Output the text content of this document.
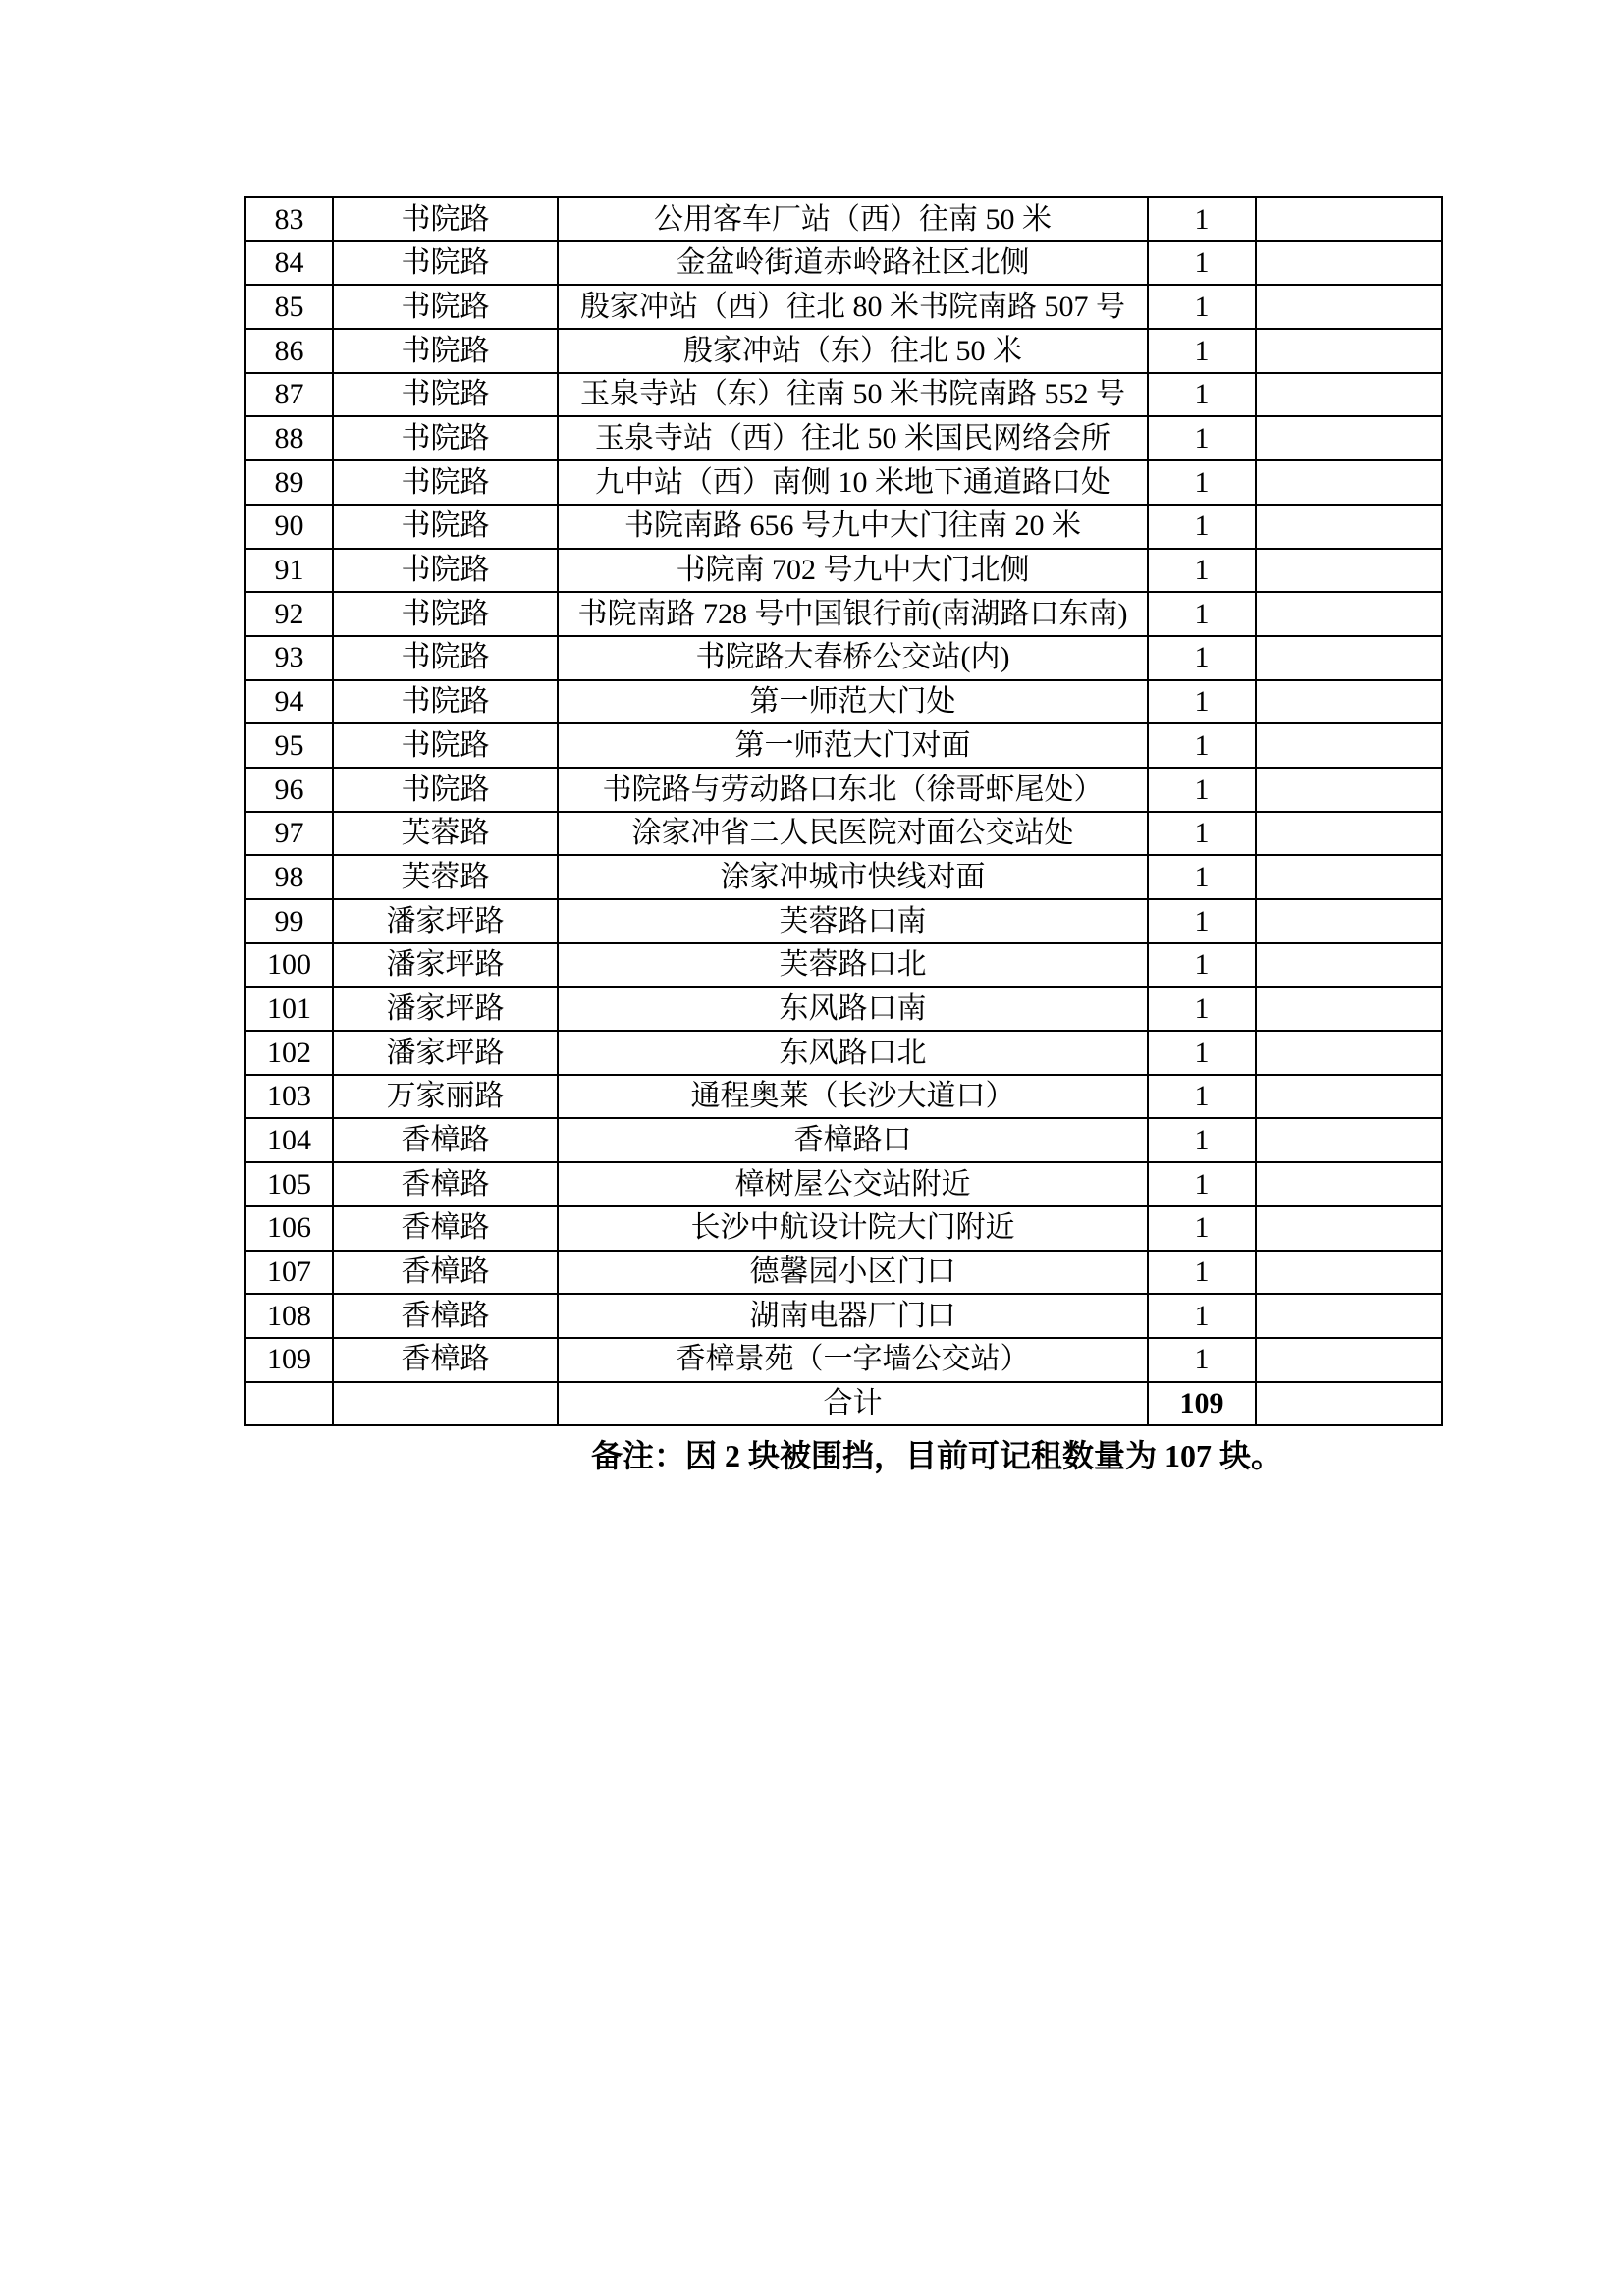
83	书院路	公用客车厂站（西）往南 50 米	1	
84	书院路	金盆岭街道赤岭路社区北侧	1	
85	书院路	殷家冲站（西）往北 80 米书院南路 507 号	1	
86	书院路	殷家冲站（东）往北 50 米	1	
87	书院路	玉泉寺站（东）往南 50 米书院南路 552 号	1	
88	书院路	玉泉寺站（西）往北 50 米国民网络会所	1	
89	书院路	九中站（西）南侧 10 米地下通道路口处	1	
90	书院路	书院南路 656 号九中大门往南 20 米	1	
91	书院路	书院南 702 号九中大门北侧	1	
92	书院路	书院南路 728 号中国银行前(南湖路口东南)	1	
93	书院路	书院路大春桥公交站(内)	1	
94	书院路	第一师范大门处	1	
95	书院路	第一师范大门对面	1	
96	书院路	书院路与劳动路口东北（徐哥虾尾处）	1	
97	芙蓉路	涂家冲省二人民医院对面公交站处	1	
98	芙蓉路	涂家冲城市快线对面	1	
99	潘家坪路	芙蓉路口南	1	
100	潘家坪路	芙蓉路口北	1	
101	潘家坪路	东风路口南	1	
102	潘家坪路	东风路口北	1	
103	万家丽路	通程奥莱（长沙大道口）	1	
104	香樟路	香樟路口	1	
105	香樟路	樟树屋公交站附近	1	
106	香樟路	长沙中航设计院大门附近	1	
107	香樟路	德馨园小区门口	1	
108	香樟路	湖南电器厂门口	1	
109	香樟路	香樟景苑（一字墙公交站）	1	
		合计	109	
备注：因 2 块被围挡，目前可记租数量为 107 块。
